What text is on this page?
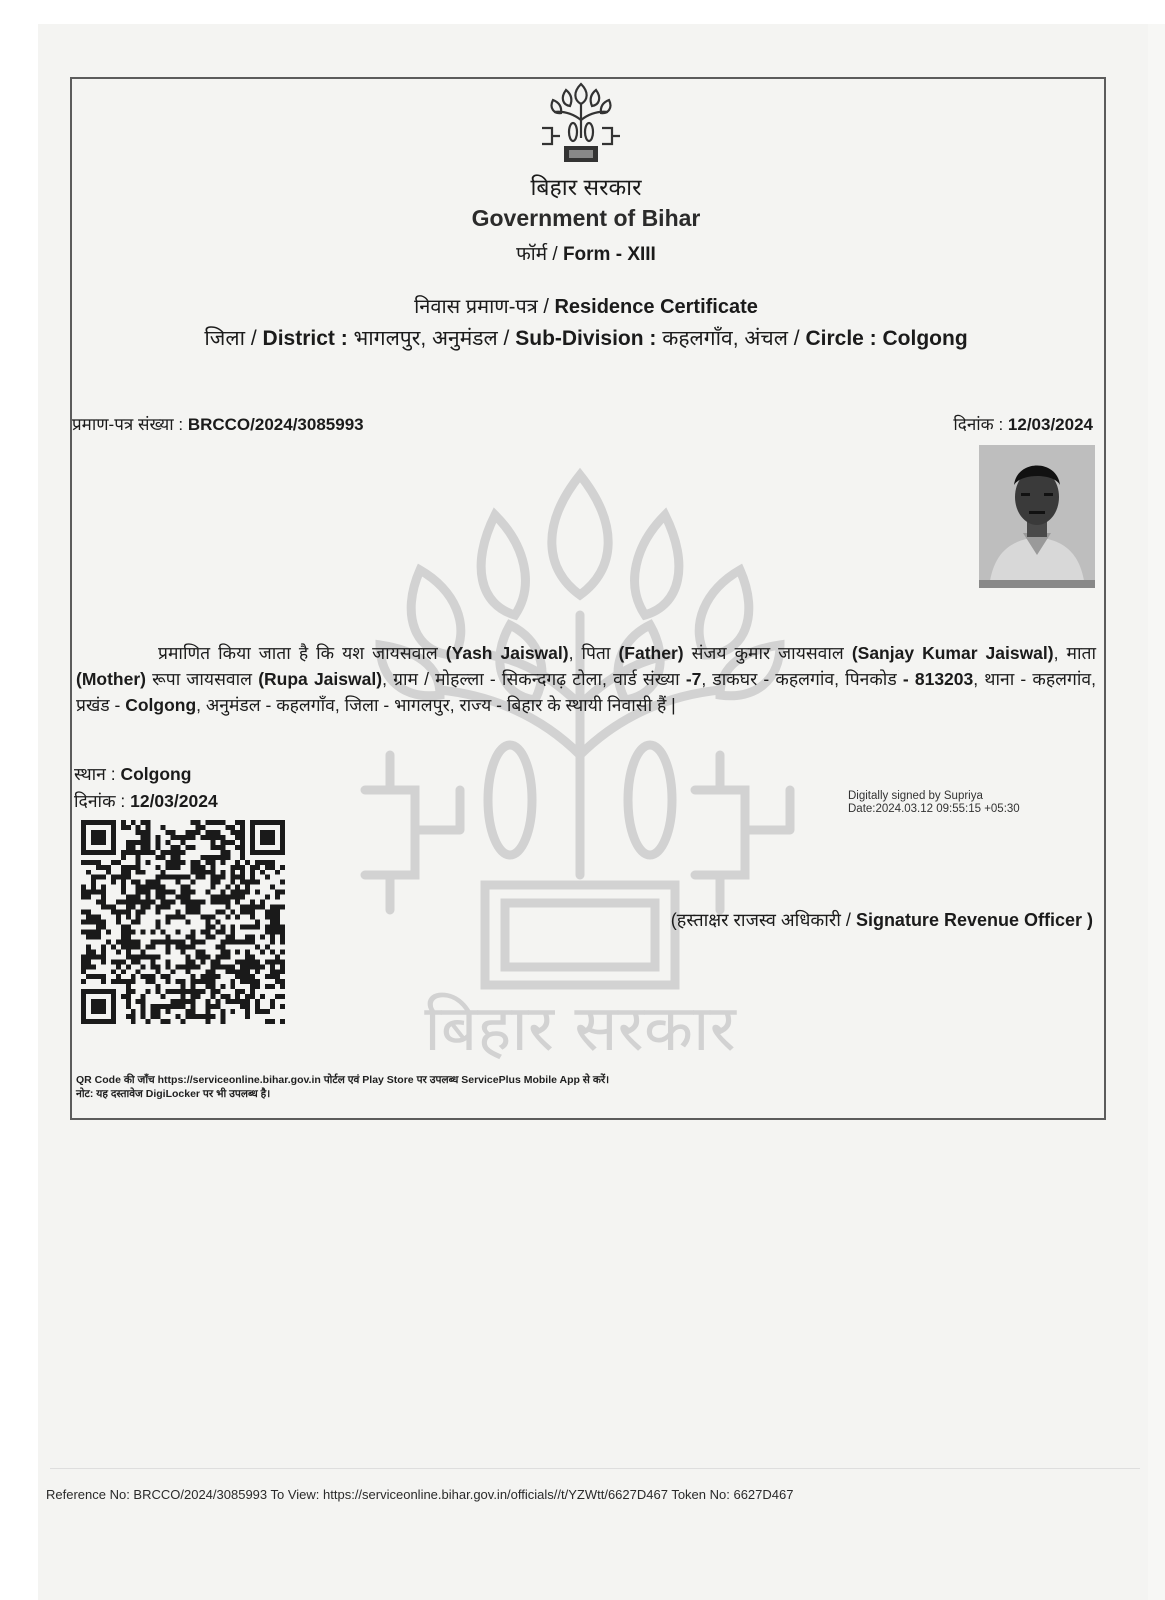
बिहार सरकार
बिहार सरकार
Government of Bihar
फॉर्म / Form - XIII
निवास प्रमाण-पत्र / Residence Certificate
जिला / District : भागलपुर, अनुमंडल / Sub-Division : कहलगाँव, अंचल / Circle : Colgong
प्रमाण-पत्र संख्या : BRCCO/2024/3085993	दिनांक : 12/03/2024
प्रमाणित किया जाता है कि यश जायसवाल (Yash Jaiswal), पिता (Father) संजय कुमार जायसवाल (Sanjay Kumar Jaiswal), माता (Mother) रूपा जायसवाल (Rupa Jaiswal), ग्राम / मोहल्ला - सिकन्दगढ़ टोला, वार्ड संख्या -7, डाकघर - कहलगांव, पिनकोड - 813203, थाना - कहलगांव, प्रखंड - Colgong, अनुमंडल - कहलगाँव, जिला - भागलपुर, राज्य - बिहार के स्थायी निवासी हैं |
स्थान : Colgong
दिनांक : 12/03/2024	Digitally signed by Supriya
Date:2024.03.12 09:55:15 +05:30
(हस्ताक्षर राजस्व अधिकारी / Signature Revenue Officer )
QR Code की जाँच https://serviceonline.bihar.gov.in पोर्टल एवं Play Store पर उपलब्ध ServicePlus Mobile App से करें।
नोट: यह दस्तावेज DigiLocker पर भी उपलब्ध है।
Reference No: BRCCO/2024/3085993 To View: https://serviceonline.bihar.gov.in/officials//t/YZWtt/6627D467 Token No: 6627D467
